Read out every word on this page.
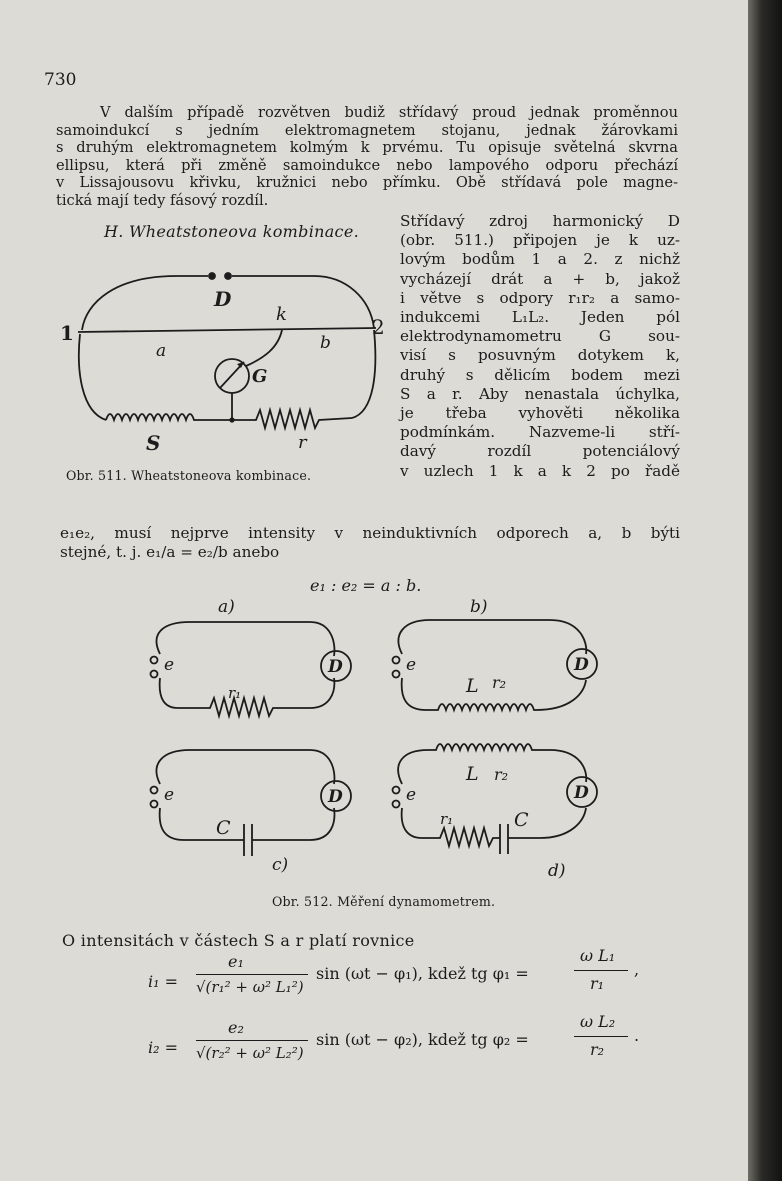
730
V dalším případě rozvětven budiž střídavý proud jednak proměnnou
samoindukcí s jedním elektromagnetem stojanu, jednak žárovkami
s druhým elektromagnetem kolmým k prvému. Tu opisuje světelná skvrna
ellipsu, která při změně samoindukce nebo lampového odporu přechází
v Lissajousovu křivku, kružnici nebo přímku. Obě střídavá pole magne-
tická mají tedy fásový rozdíl.
H. Wheatstoneova kombinace.
Střídavý zdroj harmonický D
(obr. 511.) připojen je k uz-
lovým bodům 1 a 2. z nichž
vycházejí drát a + b, jakož
i větve s odpory r₁r₂ a samo-
indukcemi L₁L₂. Jeden pól
elektrodynamometru G sou-
visí s posuvným dotykem k,
druhý s dělicím bodem mezi
S a r. Aby nenastala úchylka,
je třeba vyhověti několika
podmínkám. Nazveme-li stří-
davý rozdíl potenciálový
v uzlech 1 k a k 2 po řadě
1	2
D
a	b
k
G
S	r
Obr. 511. Wheatstoneova kombinace.
e₁e₂, musí nejprve intensity v neinduktivních odporech a, b býti
stejné, t. j. e₁/a = e₂/b anebo
e₁ : e₂ = a : b.
a)	b)
c)	d)
e	e
e	e
D	D
D	D
r₁	L r₂
C
L r₂
r₁	C
Obr. 512. Měření dynamometrem.
O intensitách v částech S a r platí rovnice
i₁ =
e₁
√(r₁² + ω² L₁²)
sin (ωt − φ₁), kdež tg φ₁ =
ω L₁
r₁
,
i₂ =
e₂
√(r₂² + ω² L₂²)
sin (ωt − φ₂), kdež tg φ₂ =
ω L₂
r₂
.
